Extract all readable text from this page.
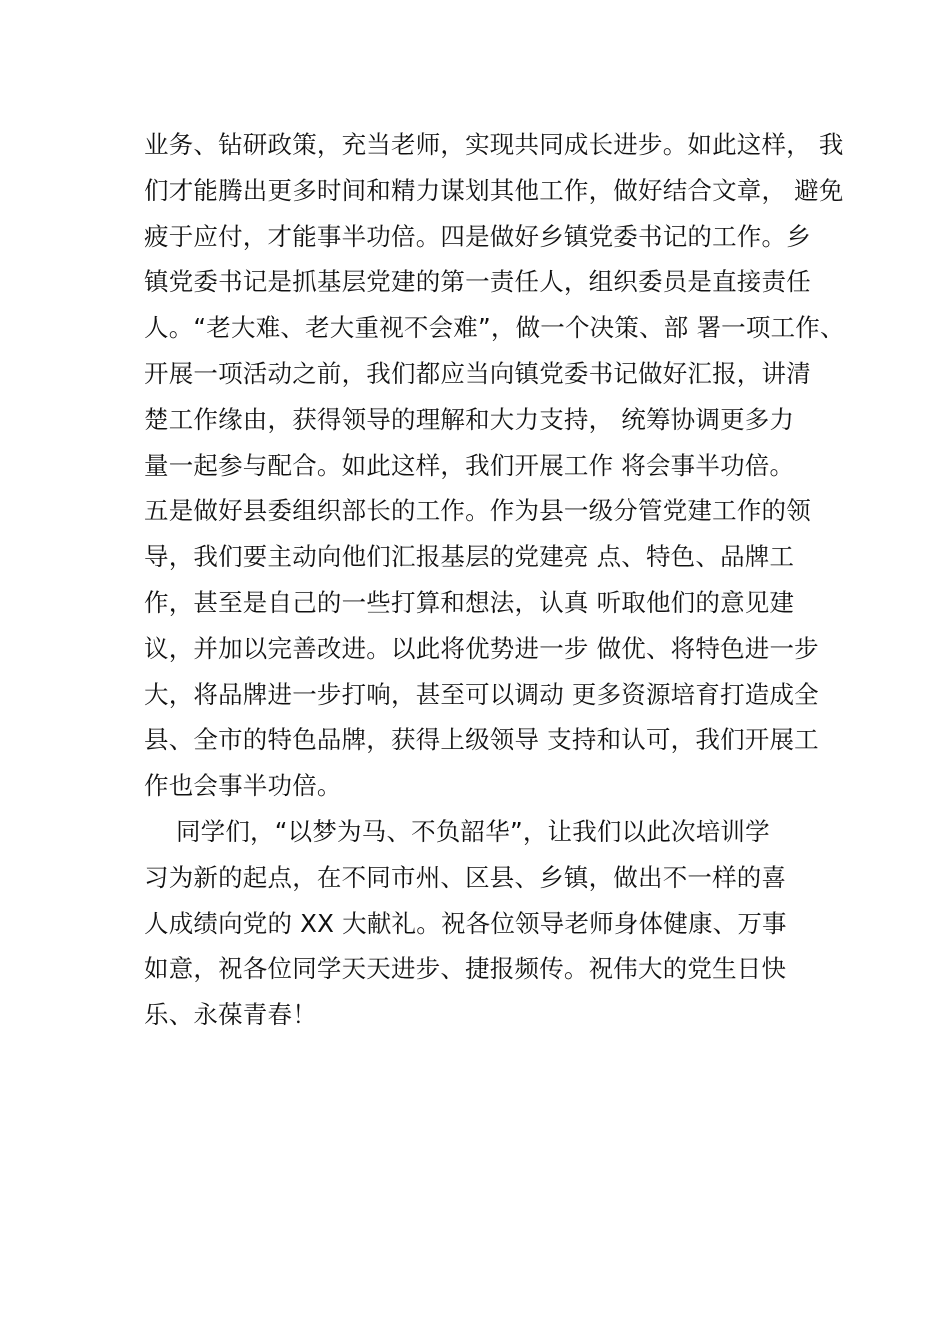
业务、钻研政策，充当老师，实现共同成长进步。如此这样， 我
们才能腾出更多时间和精力谋划其他工作，做好结合文章， 避免
疲于应付，才能事半功倍。四是做好乡镇党委书记的工作。乡
镇党委书记是抓基层党建的第一责任人，组织委员是直接责任
人。“老大难、老大重视不会难”，做一个决策、部 署一项工作、
开展一项活动之前，我们都应当向镇党委书记做好汇报，讲清
楚工作缘由，获得领导的理解和大力支持， 统筹协调更多力
量一起参与配合。如此这样，我们开展工作 将会事半功倍。
五是做好县委组织部长的工作。作为县一级分管党建工作的领
导，我们要主动向他们汇报基层的党建亮 点、特色、品牌工
作，甚至是自己的一些打算和想法，认真 听取他们的意见建
议，并加以完善改进。以此将优势进一步 做优、将特色进一步
大，将品牌进一步打响，甚至可以调动 更多资源培育打造成全
县、全市的特色品牌，获得上级领导 支持和认可，我们开展工
作也会事半功倍。
同学们，“以梦为马、不负韶华”，让我们以此次培训学
习为新的起点，在不同市州、区县、乡镇，做出不一样的喜
人成绩向党的 XX 大献礼。祝各位领导老师身体健康、万事
如意，祝各位同学天天进步、捷报频传。祝伟大的党生日快
乐、永葆青春！
